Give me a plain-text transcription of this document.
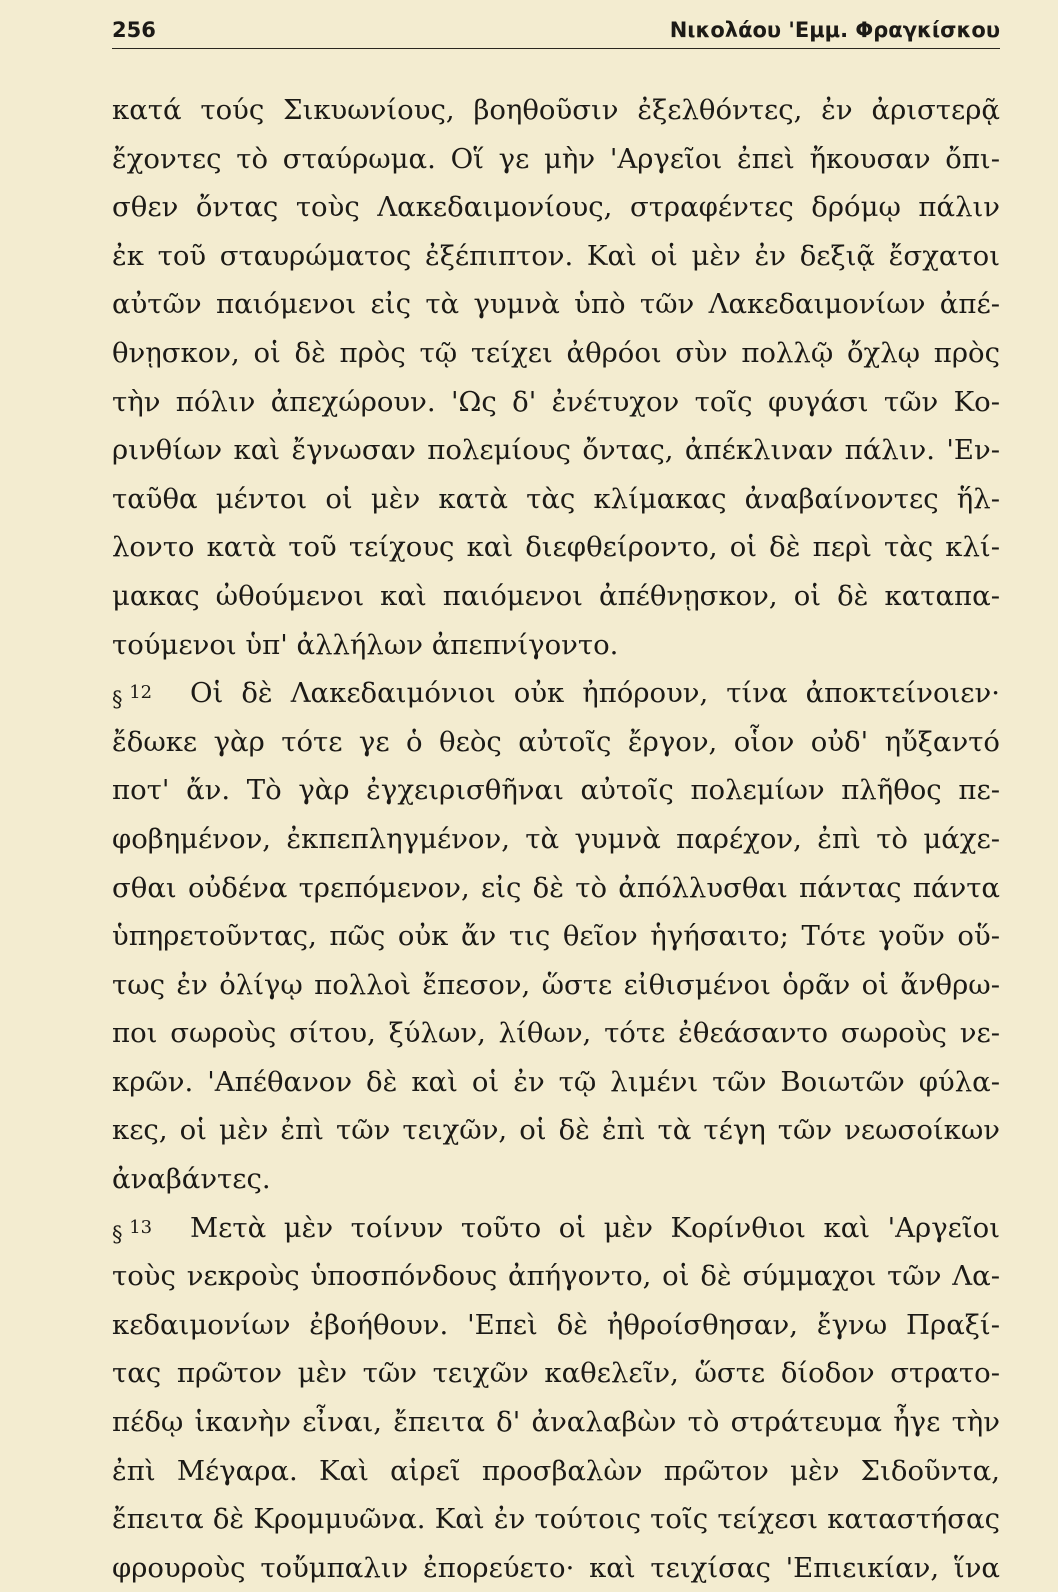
256	Νικολάου 'Εμμ. Φραγκίσκου
κατά τούς Σικυωνίους, βοηθοῦσιν ἐξελθόντες, ἐν ἀριστερᾷ
ἔχοντες τὸ σταύρωμα. Οἵ γε μὴν 'Αργεῖοι ἐπεὶ ἤκουσαν ὄπι-
σθεν ὄντας τοὺς Λακεδαιμονίους, στραφέντες δρόμῳ πάλιν
ἐκ τοῦ σταυρώματος ἐξέπιπτον. Καὶ οἱ μὲν ἐν δεξιᾷ ἔσχατοι
αὐτῶν παιόμενοι εἰς τὰ γυμνὰ ὑπὸ τῶν Λακεδαιμονίων ἀπέ-
θνῃσκον, οἱ δὲ πρὸς τῷ τείχει ἀθρόοι σὺν πολλῷ ὄχλῳ πρὸς
τὴν πόλιν ἀπεχώρουν. 'Ως δ' ἐνέτυχον τοῖς φυγάσι τῶν Κο-
ρινθίων καὶ ἔγνωσαν πολεμίους ὄντας, ἀπέκλιναν πάλιν. 'Εν-
ταῦθα μέντοι οἱ μὲν κατὰ τὰς κλίμακας ἀναβαίνοντες ἥλ-
λοντο κατὰ τοῦ τείχους καὶ διεφθείροντο, οἱ δὲ περὶ τὰς κλί-
μακας ὠθούμενοι καὶ παιόμενοι ἀπέθνῃσκον, οἱ δὲ καταπα-
τούμενοι ὑπ' ἀλλήλων ἀπεπνίγοντο.
§ 12	Οἱ δὲ Λακεδαιμόνιοι οὐκ ἠπόρουν, τίνα ἀποκτείνοιεν·
ἔδωκε γὰρ τότε γε ὁ θεὸς αὐτοῖς ἔργον, οἷον οὐδ' ηὔξαντό
ποτ' ἄν. Τὸ γὰρ ἐγχειρισθῆναι αὐτοῖς πολεμίων πλῆθος πε-
φοβημένον, ἐκπεπληγμένον, τὰ γυμνὰ παρέχον, ἐπὶ τὸ μάχε-
σθαι οὐδένα τρεπόμενον, εἰς δὲ τὸ ἀπόλλυσθαι πάντας πάντα
ὑπηρετοῦντας, πῶς οὐκ ἄν τις θεῖον ἡγήσαιτο; Τότε γοῦν οὕ-
τως ἐν ὀλίγῳ πολλοὶ ἔπεσον, ὥστε εἰθισμένοι ὁρᾶν οἱ ἄνθρω-
ποι σωροὺς σίτου, ξύλων, λίθων, τότε ἐθεάσαντο σωροὺς νε-
κρῶν. 'Απέθανον δὲ καὶ οἱ ἐν τῷ λιμένι τῶν Βοιωτῶν φύλα-
κες, οἱ μὲν ἐπὶ τῶν τειχῶν, οἱ δὲ ἐπὶ τὰ τέγη τῶν νεωσοίκων
ἀναβάντες.
§ 13	Μετὰ μὲν τοίνυν τοῦτο οἱ μὲν Κορίνθιοι καὶ 'Αργεῖοι
τοὺς νεκροὺς ὑποσπόνδους ἀπήγοντο, οἱ δὲ σύμμαχοι τῶν Λα-
κεδαιμονίων ἐβοήθουν. 'Επεὶ δὲ ἠθροίσθησαν, ἔγνω Πραξί-
τας πρῶτον μὲν τῶν τειχῶν καθελεῖν, ὥστε δίοδον στρατο-
πέδῳ ἱκανὴν εἶναι, ἔπειτα δ' ἀναλαβὼν τὸ στράτευμα ἦγε τὴν
ἐπὶ Μέγαρα. Καὶ αἱρεῖ προσβαλὼν πρῶτον μὲν Σιδοῦντα,
ἔπειτα δὲ Κρομμυῶνα. Καὶ ἐν τούτοις τοῖς τείχεσι καταστήσας
φρουροὺς τοὔμπαλιν ἐπορεύετο· καὶ τειχίσας 'Επιεικίαν, ἵνα
